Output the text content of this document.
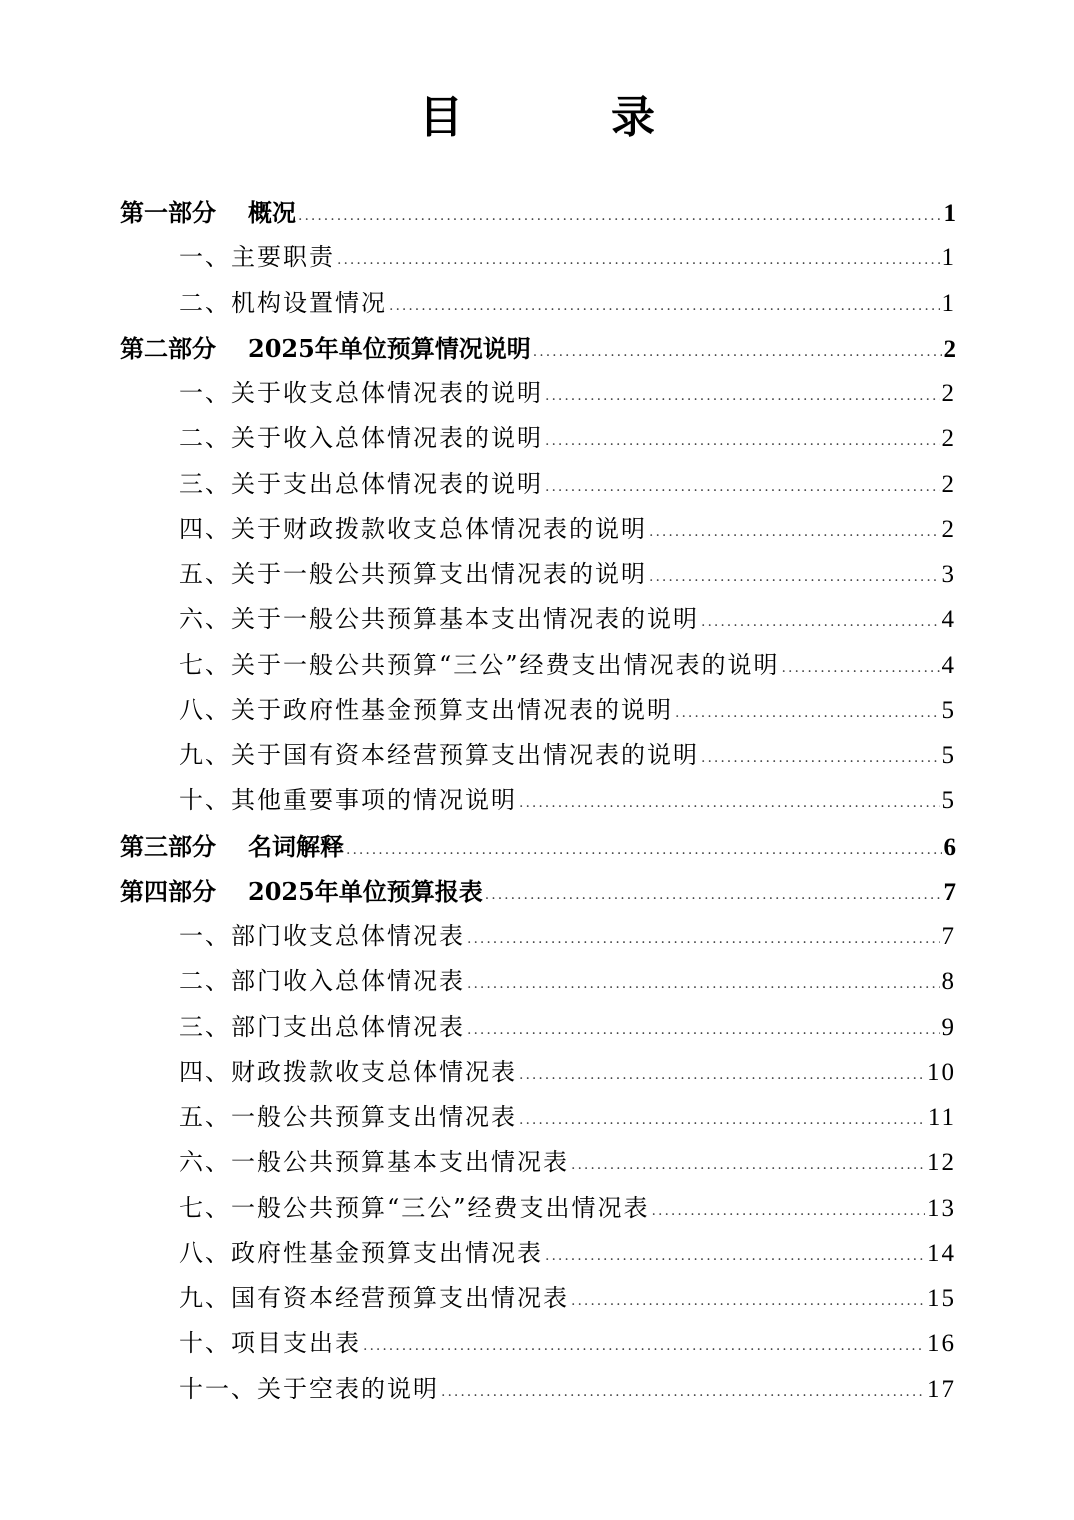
目　录
第一部分 概况 .....	1
一、主要职责 .....	1
二、机构设置情况 .....	1
第二部分 2025年单位预算情况说明 .....	2
一、关于收支总体情况表的说明 .....	2
二、关于收入总体情况表的说明 .....	2
三、关于支出总体情况表的说明 .....	2
四、关于财政拨款收支总体情况表的说明 .....	2
五、关于一般公共预算支出情况表的说明 .....	3
六、关于一般公共预算基本支出情况表的说明 .....	4
七、关于一般公共预算“三公”经费支出情况表的说明 .....	4
八、关于政府性基金预算支出情况表的说明 .....	5
九、关于国有资本经营预算支出情况表的说明 .....	5
十、其他重要事项的情况说明 .....	5
第三部分 名词解释 .....	6
第四部分 2025年单位预算报表 .....	7
一、部门收支总体情况表 .....	7
二、部门收入总体情况表 .....	8
三、部门支出总体情况表 .....	9
四、财政拨款收支总体情况表 .....	10
五、一般公共预算支出情况表 .....	11
六、一般公共预算基本支出情况表 .....	12
七、一般公共预算“三公”经费支出情况表 .....	13
八、政府性基金预算支出情况表 .....	14
九、国有资本经营预算支出情况表 .....	15
十、项目支出表 .....	16
十一、关于空表的说明 .....	17
